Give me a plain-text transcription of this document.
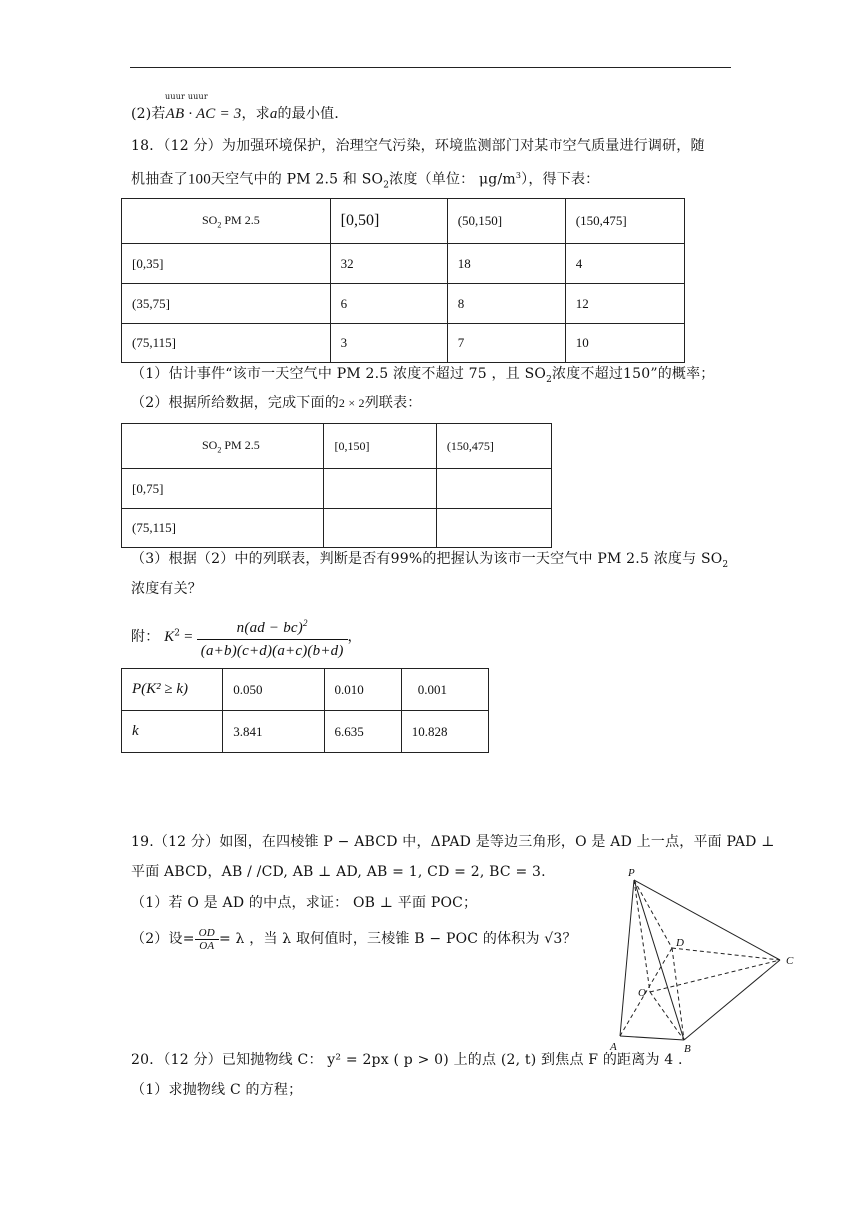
uuur uuur
(2)若AB · AC = 3，求a的最小值．
18．（12 分）为加强环境保护，治理空气污染，环境监测部门对某市空气质量进行调研，随
机抽查了100天空气中的 PM 2.5 和 $SO_2$浓度（单位： $\mu g/m^3$），得下表：
$SO_2$ PM 2.5	[0,50]	(50,150]	(150,475]
[0,35]	32	18	4
(35,75]	6	8	12
(75,115]	3	7	10
（1）估计事件“该市一天空气中 PM 2.5 浓度不超过 75 ，且 $SO_2$浓度不超过150”的概率；
（2）根据所给数据，完成下面的2 × 2列联表：
$SO_2$ PM 2.5	[0,150]	(150,475]
[0,75]		
(75,115]		
（3）根据（2）中的列联表，判断是否有99%的把握认为该市一天空气中 PM 2.5 浓度与 $SO_2$
浓度有关？
附： $K^2 = \frac{n(ad - bc)^2}{(a+b)(c+d)(a+c)(b+d)}$ ，
P(K² ≥ k)	0.050	0.010	0.001
k	3.841	6.635	10.828
19.（12 分）如图，在四棱锥 P − ABCD 中，ΔPAD 是等边三角形，O 是 AD 上一点，平面 PAD ⊥
平面 ABCD，AB / /CD, AB ⊥ AD, AB = 1, CD = 2, BC = 3.
（1）若 O 是 AD 的中点，求证： OB ⊥ 平面 POC；
（2）设= $\frac{OD}{OA} = \lambda$ ，当 λ 取何值时，三棱锥 B − POC 的体积为 √3？
P
D
C
O
A	B
20．（12 分）已知抛物线 C： y² = 2px ( p > 0) 上的点 (2, t) 到焦点 F 的距离为 4 .
（1）求抛物线 C 的方程；
